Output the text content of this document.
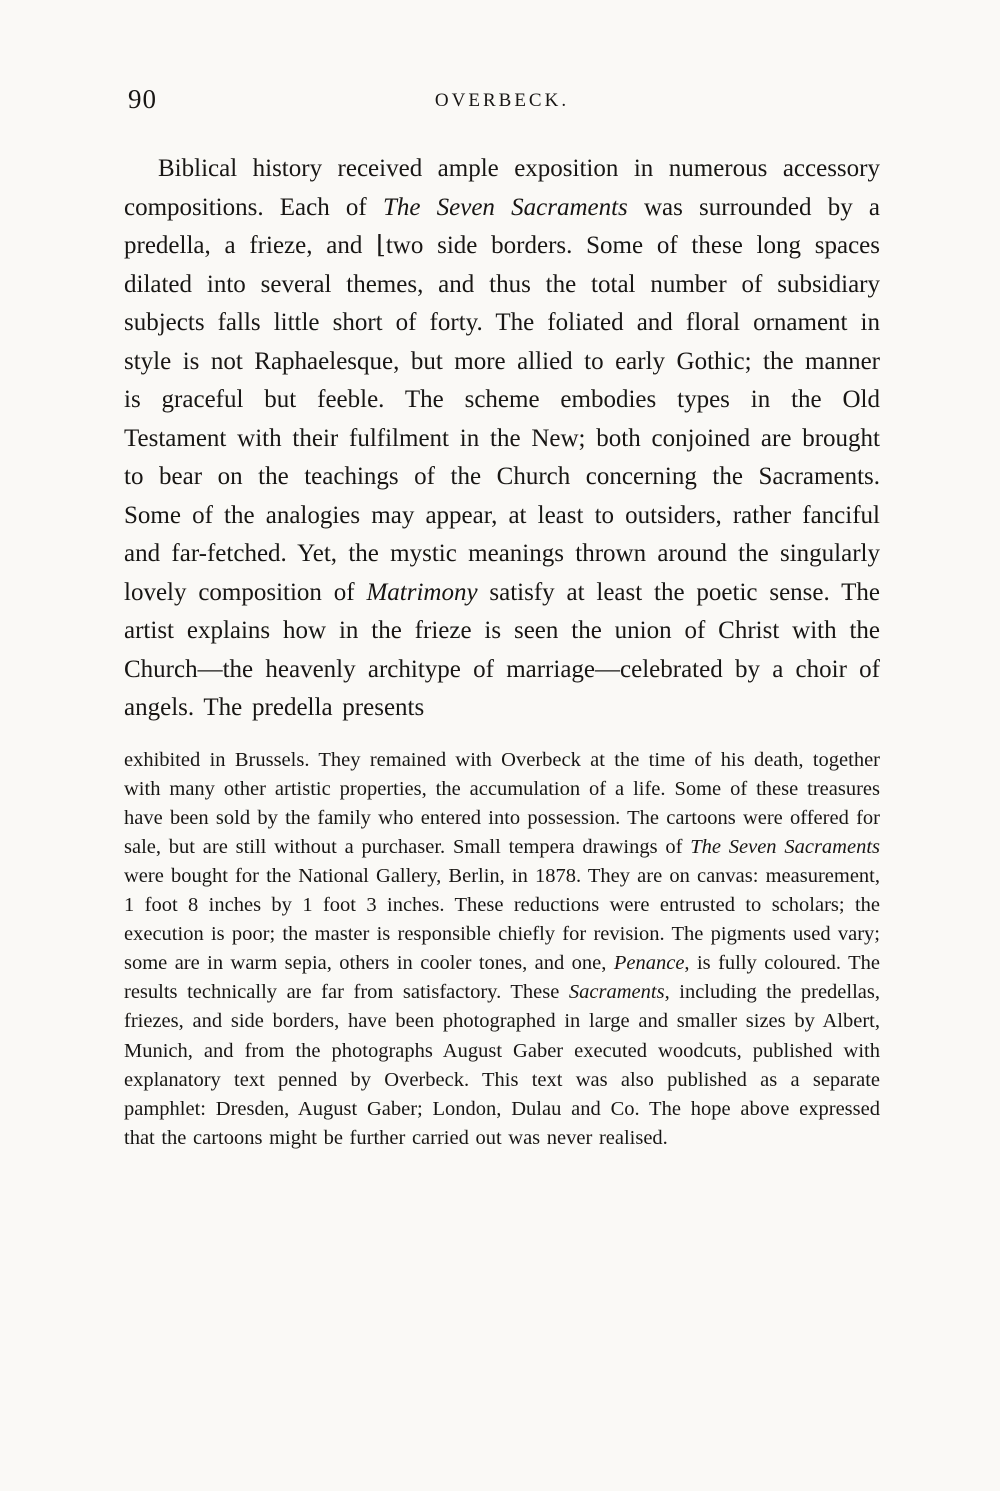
90	OVERBECK.

Biblical history received ample exposition in numerous accessory compositions. Each of The Seven Sacraments was surrounded by a predella, a frieze, and ⌊two side borders. Some of these long spaces dilated into several themes, and thus the total number of subsidiary subjects falls little short of forty. The foliated and floral ornament in style is not Raphaelesque, but more allied to early Gothic; the manner is graceful but feeble. The scheme embodies types in the Old Testament with their fulfilment in the New; both conjoined are brought to bear on the teachings of the Church concerning the Sacraments. Some of the analogies may appear, at least to outsiders, rather fanciful and far-fetched. Yet, the mystic meanings thrown around the singularly lovely composition of Matrimony satisfy at least the poetic sense. The artist explains how in the frieze is seen the union of Christ with the Church—the heavenly architype of marriage—celebrated by a choir of angels. The predella presents

exhibited in Brussels. They remained with Overbeck at the time of his death, together with many other artistic properties, the accumulation of a life. Some of these treasures have been sold by the family who entered into possession. The cartoons were offered for sale, but are still without a purchaser. Small tempera drawings of The Seven Sacraments were bought for the National Gallery, Berlin, in 1878. They are on canvas: measurement, 1 foot 8 inches by 1 foot 3 inches. These reductions were entrusted to scholars; the execution is poor; the master is responsible chiefly for revision. The pigments used vary; some are in warm sepia, others in cooler tones, and one, Penance, is fully coloured. The results technically are far from satisfactory. These Sacraments, including the predellas, friezes, and side borders, have been photographed in large and smaller sizes by Albert, Munich, and from the photographs August Gaber executed woodcuts, published with explanatory text penned by Overbeck. This text was also published as a separate pamphlet: Dresden, August Gaber; London, Dulau and Co. The hope above expressed that the cartoons might be further carried out was never realised.
